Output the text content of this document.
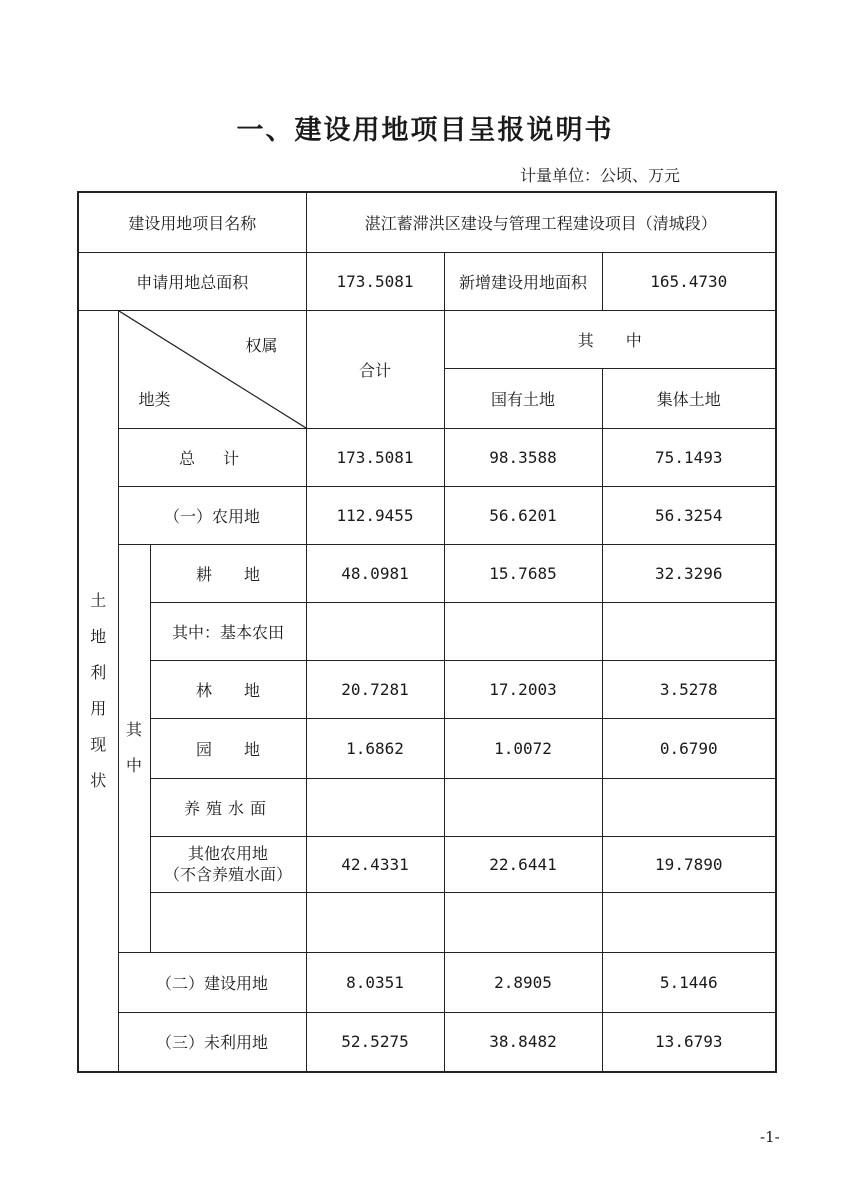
一、建设用地项目呈报说明书
计量单位：公顷、万元
建设用地项目名称			湛江蓄滞洪区建设与管理工程建设项目（清城段）		
申请用地总面积			173.5081	新增建设用地面积	165.4730
土地利用现状	权属
地类		合计	其　　中	
				国有土地	集体土地
	总　计		173.5081	98.3588	75.1493
	（一）农用地		112.9455	56.6201	56.3254
	其中	耕　　地	48.0981	15.7685	32.3296
		其中：基本农田			
		林　　地	20.7281	17.2003	3.5278
		园　　地	1.6862	1.0072	0.6790
		养殖水面			

		其他农用地
（不含养殖水面）	42.4331	22.6441	19.7890

	（二）建设用地		8.0351	2.8905	5.1446
	（三）未利用地		52.5275	38.8482	13.6793
-1-
